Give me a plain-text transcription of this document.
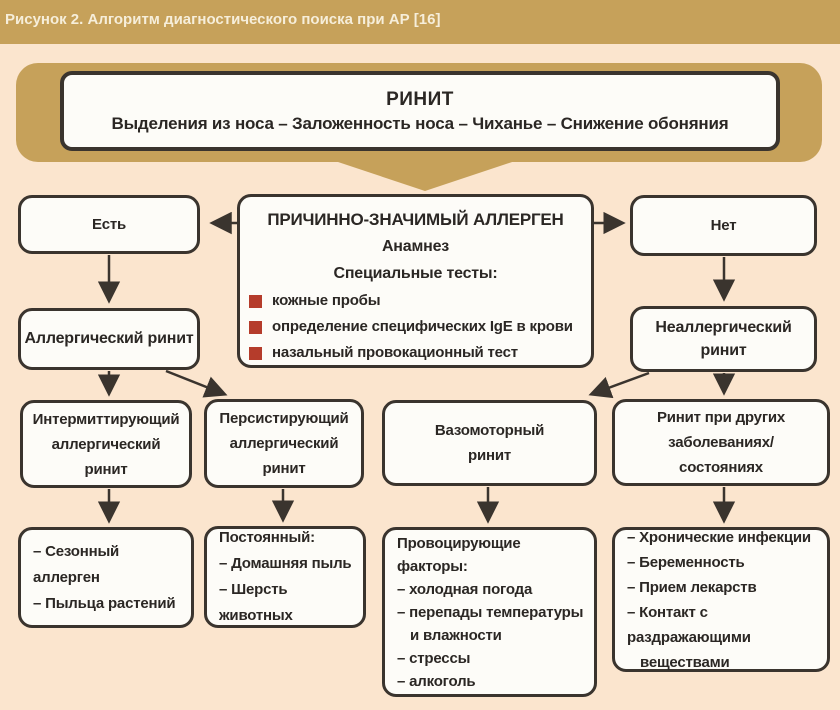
Рисунок 2. Алгоритм диагностического поиска при АР [16]
РИНИТ
Выделения из носа – Заложенность носа – Чиханье – Снижение обоняния
Есть	Нет
ПРИЧИННО-ЗНАЧИМЫЙ АЛЛЕРГЕН
Анамнез
Специальные тесты:
кожные пробы
определение специфических IgE в крови
назальный провокационный тест
Аллергический ринит
Неаллергический
ринит
Интермиттирующий
аллергический
ринит
Персистирующий
аллергический
ринит
Вазомоторный
ринит
Ринит при других
заболеваниях/
состояниях
– Сезонный аллерген
– Пыльца растений
Постоянный:
– Домашняя пыль
– Шерсть животных
Провоцирующие факторы:
– холодная погода
– перепады температуры
и влажности
– стрессы
– алкоголь
– Хронические инфекции
– Беременность
– Прием лекарств
– Контакт с раздражающими
веществами
